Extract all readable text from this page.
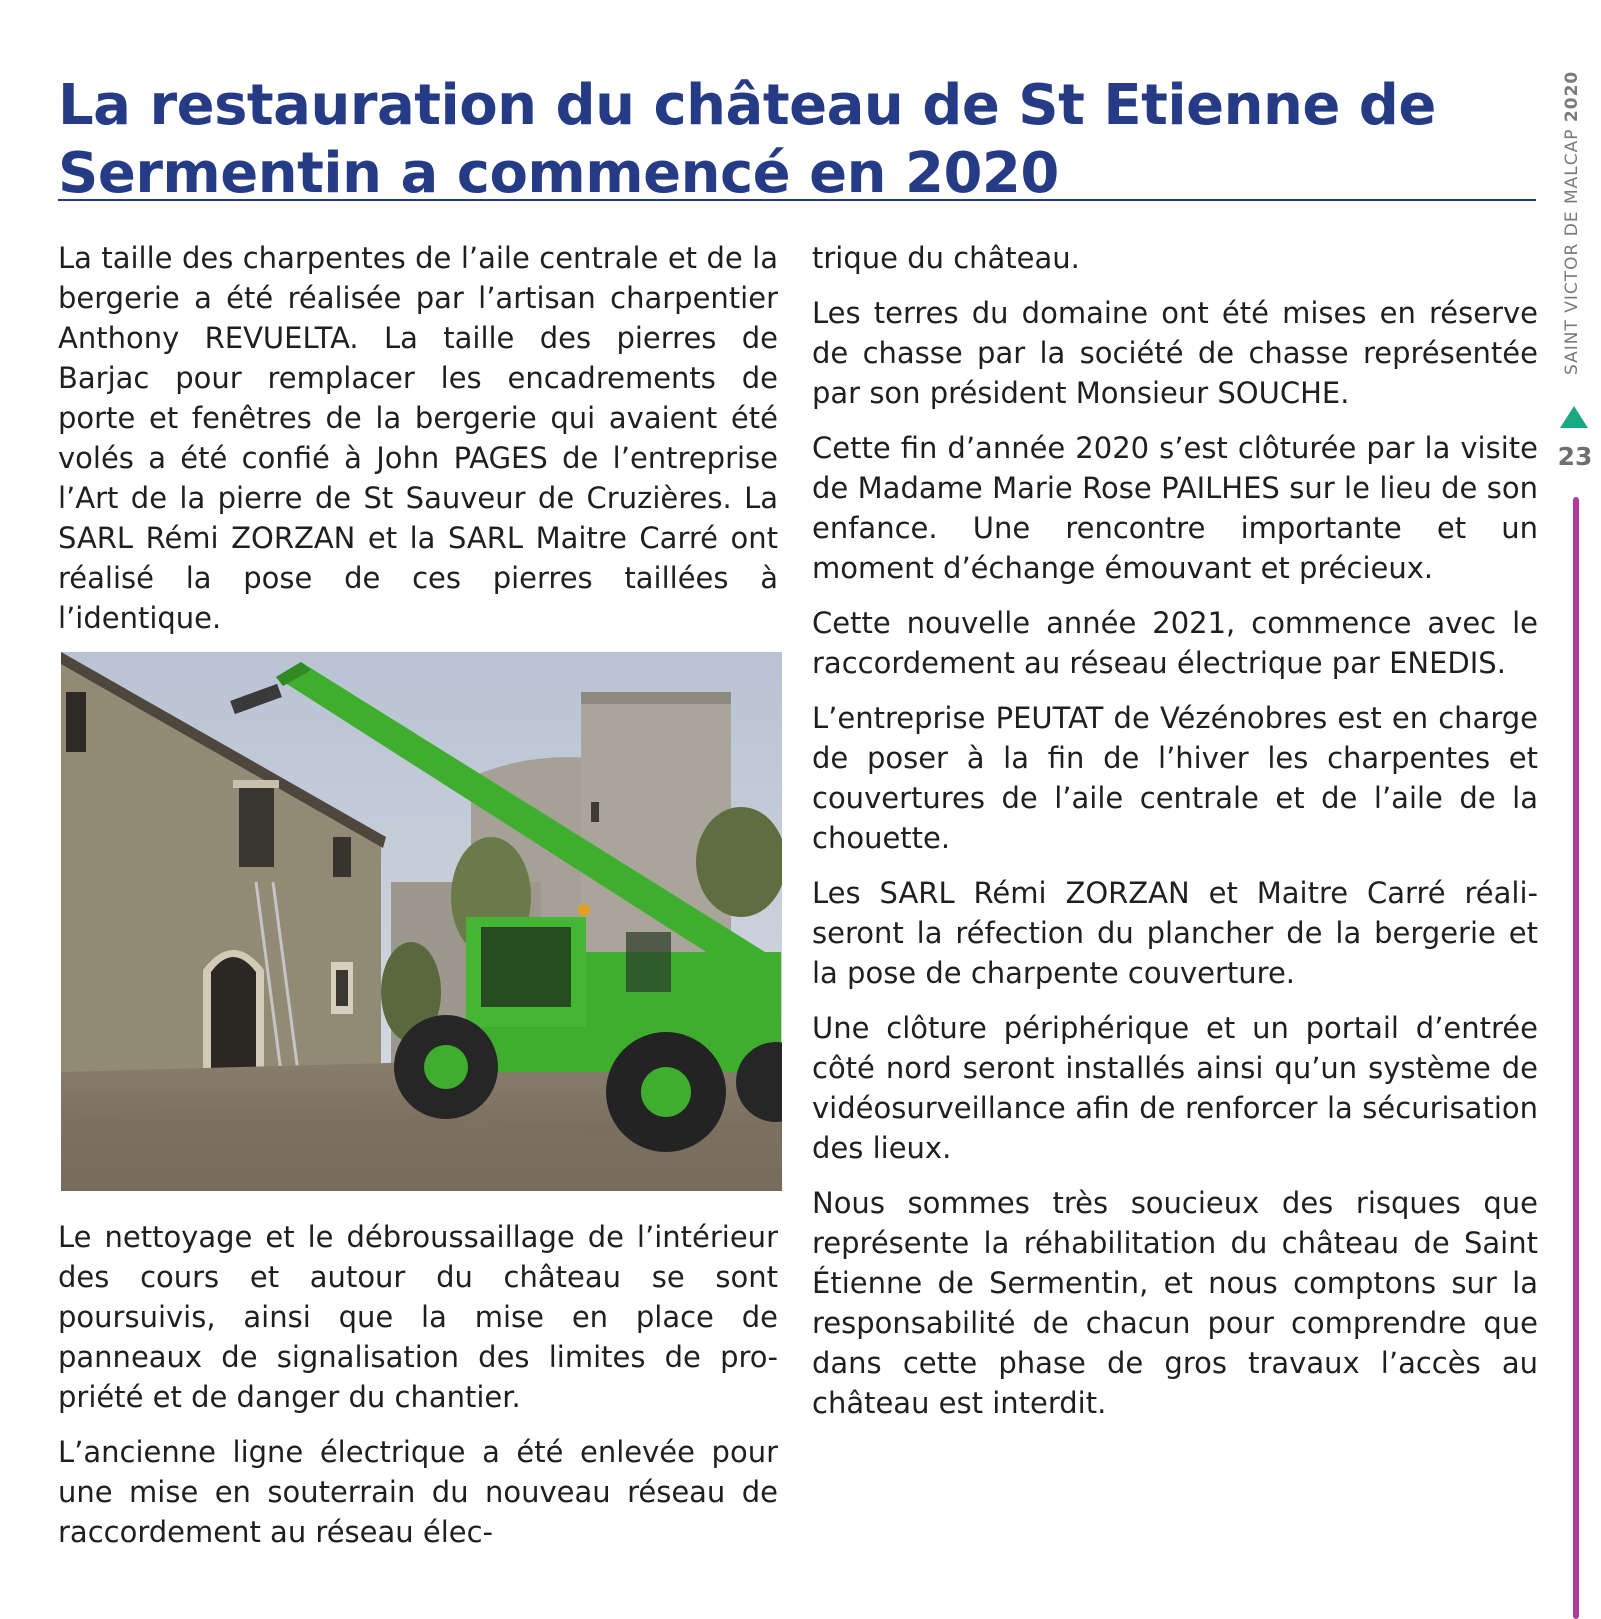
La restauration du château de St Etienne de Sermentin a commencé en 2020	SAINT VICTOR DE MALCAP 2020
23

La taille des charpentes de l’aile centrale et de la bergerie a été réalisée par l’artisan charpentier Anthony REVUELTA. La taille des pierres de Barjac pour remplacer les encadrements de porte et fenêtres de la bergerie qui avaient été volés a été confié à John PAGES de l’entreprise l’Art de la pierre de St Sauveur de Cruzières. La SARL Rémi ZORZAN et la SARL Maitre Carré ont réalisé la pose de ces pierres taillées à l’identique.

Le nettoyage et le débroussaillage de l’intérieur des cours et autour du château se sont poursuivis, ainsi que la mise en place de panneaux de signalisation des limites de propriété et de danger du chantier.

L’ancienne ligne électrique a été enlevée pour une mise en souterrain du nouveau réseau de raccordement au réseau élec-

trique du château.

Les terres du domaine ont été mises en réserve de chasse par la société de chasse représentée par son président Monsieur SOUCHE.

Cette fin d’année 2020 s’est clôturée par la visite de Madame Marie Rose PAILHES sur le lieu de son enfance. Une rencontre importante et un moment d’échange émouvant et précieux.

Cette nouvelle année 2021, commence avec le raccordement au réseau électrique par ENEDIS.

L’entreprise PEUTAT de Vézénobres est en charge de poser à la fin de l’hiver les charpentes et couvertures de l’aile centrale et de l’aile de la chouette.

Les SARL Rémi ZORZAN et Maitre Carré réaliseront la réfection du plancher de la bergerie et la pose de charpente couverture.

Une clôture périphérique et un portail d’entrée côté nord seront installés ainsi qu’un système de vidéosurveillance afin de renforcer la sécurisation des lieux.

Nous sommes très soucieux des risques que représente la réhabilitation du château de Saint Étienne de Sermentin, et nous comptons sur la responsabilité de chacun pour comprendre que dans cette phase de gros travaux l’accès au château est interdit.
